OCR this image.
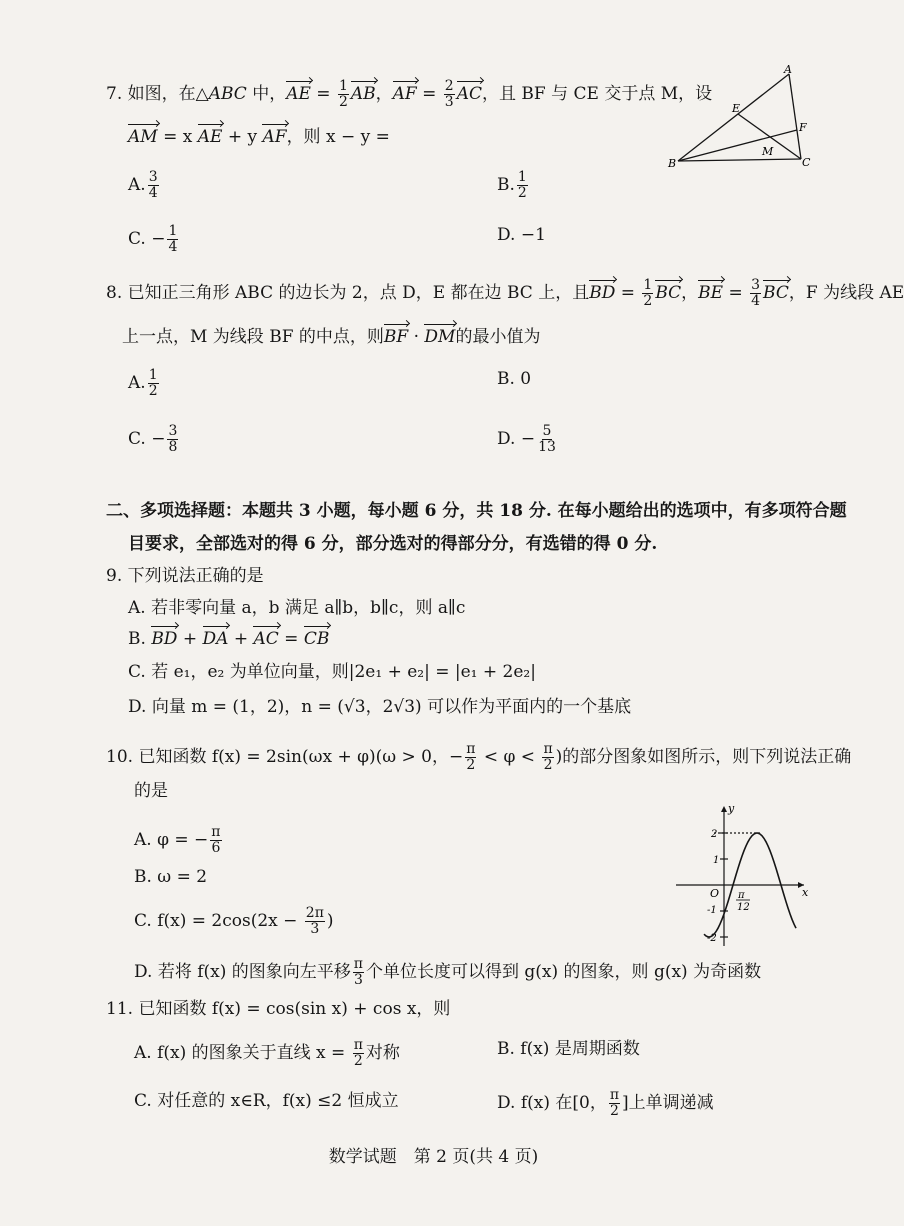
7. 如图，在△ABC 中，AE = $\frac{1}{2}$ AB，AF = $\frac{2}{3}$ AC，且 BF 与 CE 交于点 M，设
AM = x AE + y AF，则 x − y =
A. $\frac{3}{4}$	B. $\frac{1}{2}$
C. − $\frac{1}{4}$	D. −1
A
B	C
E
F
M
8. 已知正三角形 ABC 的边长为 2，点 D，E 都在边 BC 上，且BD = $\frac{1}{2}$ BC，BE = $\frac{3}{4}$ BC，F 为线段 AE
上一点，M 为线段 BF 的中点，则BF · DM的最小值为
A. $\frac{1}{2}$	B. 0
C. − $\frac{3}{8}$	D. − $\frac{5}{13}$
二、多项选择题：本题共 3 小题，每小题 6 分，共 18 分. 在每小题给出的选项中，有多项符合题
目要求，全部选对的得 6 分，部分选对的得部分分，有选错的得 0 分.
9. 下列说法正确的是
A. 若非零向量 a，b 满足 a∥b，b∥c，则 a∥c
B. BD + DA + AC = CB
C. 若 e₁，e₂ 为单位向量，则|2e₁ + e₂| = |e₁ + 2e₂|
D. 向量 m = (1，2)，n = (√3，2√3) 可以作为平面内的一个基底
10. 已知函数 f(x) = 2sin(ωx + φ)(ω > 0，− $\frac{\pi}{2} < \varphi < \frac{\pi}{2}$ )的部分图象如图所示，则下列说法正确
的是
A. φ = − $\frac{\pi}{6}$
B. ω = 2
C. $f(x) = 2\cos(2x - \frac{2\pi}{3}$ )
D. 若将 f(x) 的图象向左平移 $\frac{\pi}{3}$ 个单位长度可以得到 g(x) 的图象，则 g(x) 为奇函数
y
x
O
2
1
-1
-2
π
12
11. 已知函数 f(x) = cos(sin x) + cos x，则
A. f(x) 的图象关于直线 $x = \frac{\pi}{2}$ 对称	B. f(x) 是周期函数
C. 对任意的 x∈R，f(x) ≤2 恒成立	D. f(x) 在[0， $\frac{\pi}{2}$ ]上单调递减
数学试题　第 2 页(共 4 页)
